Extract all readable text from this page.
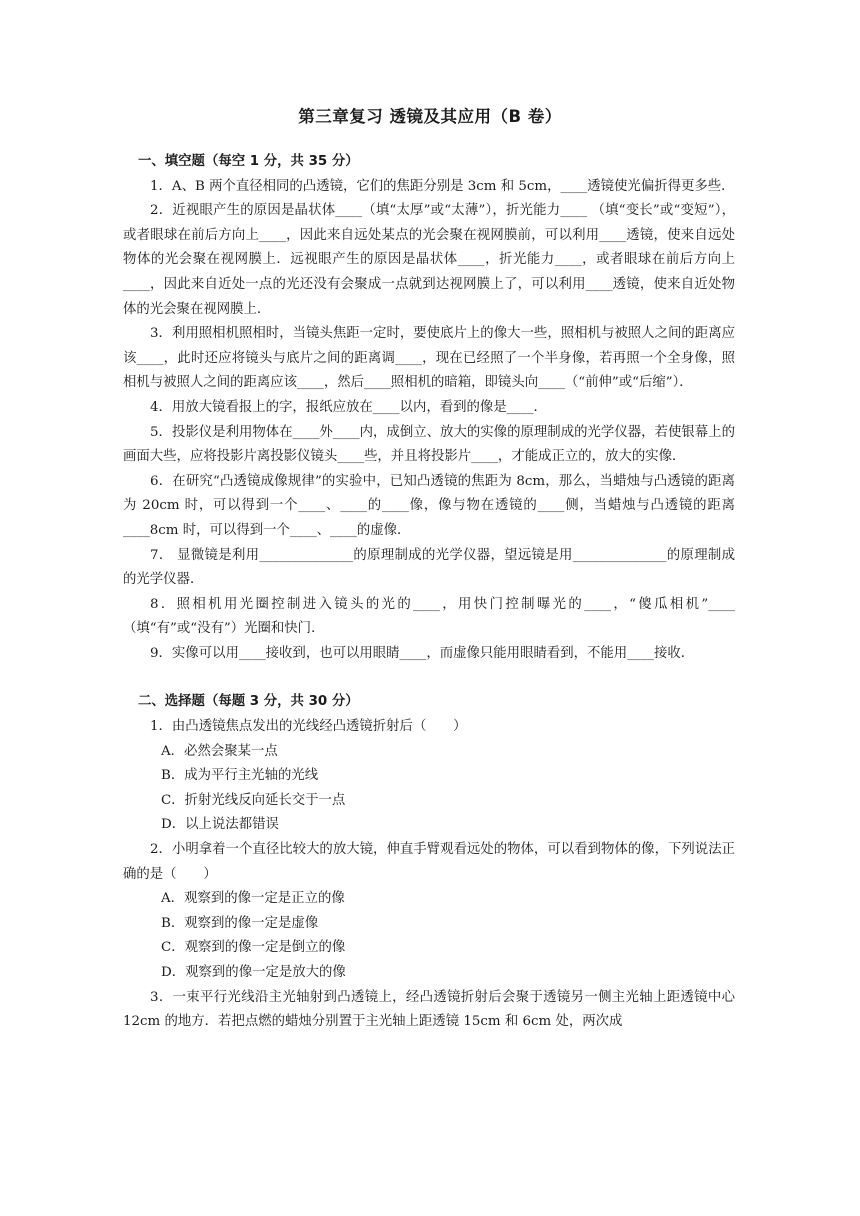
第三章复习 透镜及其应用（B 卷）
一、填空题（每空 1 分，共 35 分）

1．A、B 两个直径相同的凸透镜，它们的焦距分别是 3cm 和 5cm，____透镜使光偏折得更多些．

2．近视眼产生的原因是晶状体____（填“太厚”或“太薄”），折光能力____ （填“变长”或“变短”），或者眼球在前后方向上____，因此来自远处某点的光会聚在视网膜前，可以利用____透镜，使来自远处物体的光会聚在视网膜上．远视眼产生的原因是晶状体____，折光能力____，或者眼球在前后方向上 ____，因此来自近处一点的光还没有会聚成一点就到达视网膜上了，可以利用____透镜，使来自近处物体的光会聚在视网膜上．

3．利用照相机照相时，当镜头焦距一定时，要使底片上的像大一些，照相机与被照人之间的距离应该____，此时还应将镜头与底片之间的距离调____，现在已经照了一个半身像，若再照一个全身像，照相机与被照人之间的距离应该____，然后____照相机的暗箱，即镜头向____（“前伸”或“后缩”）．

4．用放大镜看报上的字，报纸应放在____以内，看到的像是____．

5．投影仪是利用物体在____外____内，成倒立、放大的实像的原理制成的光学仪器，若使银幕上的画面大些，应将投影片离投影仪镜头____些，并且将投影片____，才能成正立的，放大的实像．

6．在研究“凸透镜成像规律”的实验中，已知凸透镜的焦距为 8cm，那么，当蜡烛与凸透镜的距离为 20cm 时，可以得到一个____、____的____像，像与物在透镜的____侧，当蜡烛与凸透镜的距离____8cm 时，可以得到一个____、____的虚像．

7． 显微镜是利用______________的原理制成的光学仪器，望远镜是用______________的原理制成的光学仪器．

8．照相机用光圈控制进入镜头的光的____，用快门控制曝光的____，“傻瓜相机”____（填“有”或“没有”）光圈和快门．

9．实像可以用____接收到，也可以用眼睛____，而虚像只能用眼睛看到，不能用____接收．

二、选择题（每题 3 分，共 30 分）

1．由凸透镜焦点发出的光线经凸透镜折射后（　　）

A．必然会聚某一点

B．成为平行主光轴的光线

C．折射光线反向延长交于一点

D．以上说法都错误

2．小明拿着一个直径比较大的放大镜，伸直手臂观看远处的物体，可以看到物体的像，下列说法正确的是（　　）

A．观察到的像一定是正立的像

B．观察到的像一定是虚像

C．观察到的像一定是倒立的像

D．观察到的像一定是放大的像

3．一束平行光线沿主光轴射到凸透镜上，经凸透镜折射后会聚于透镜另一侧主光轴上距透镜中心 12cm 的地方．若把点燃的蜡烛分别置于主光轴上距透镜 15cm 和 6cm 处，两次成
